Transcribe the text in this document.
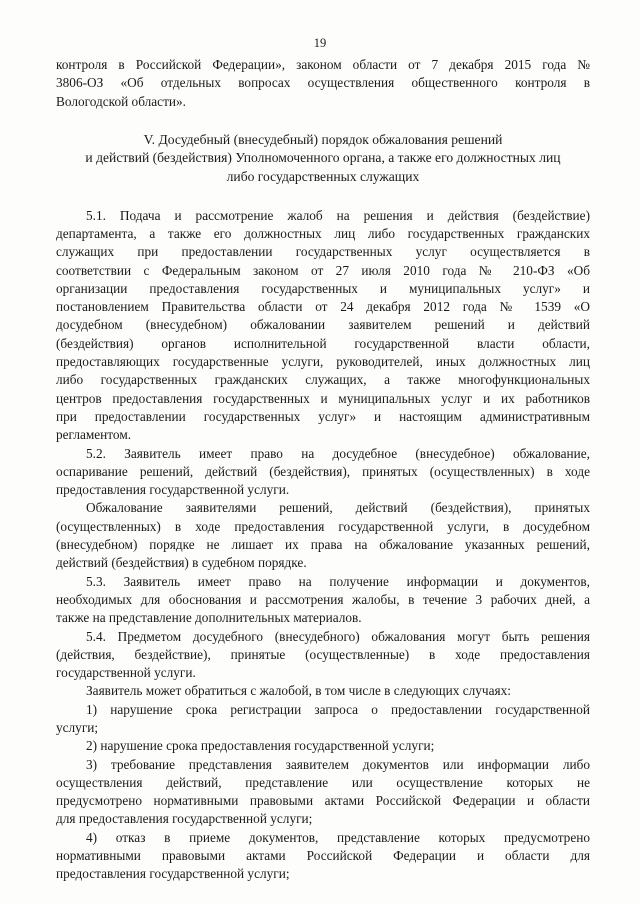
19
контроля в Российской Федерации», законом области от 7 декабря 2015 года №
3806-ОЗ «Об отдельных вопросах осуществления общественного контроля в
Вологодской области».
V. Досудебный (внесудебный) порядок обжалования решений
и действий (бездействия) Уполномоченного органа, а также его должностных лиц
либо государственных служащих
5.1. Подача и рассмотрение жалоб на решения и действия (бездействие)
департамента, а также его должностных лиц либо государственных гражданских
служащих при предоставлении государственных услуг осуществляется в
соответствии с Федеральным законом от 27 июля 2010 года № 210-ФЗ «Об
организации предоставления государственных и муниципальных услуг» и
постановлением Правительства области от 24 декабря 2012 года № 1539 «О
досудебном (внесудебном) обжаловании заявителем решений и действий
(бездействия) органов исполнительной государственной власти области,
предоставляющих государственные услуги, руководителей, иных должностных лиц
либо государственных гражданских служащих, а также многофункциональных
центров предоставления государственных и муниципальных услуг и их работников
при предоставлении государственных услуг» и настоящим административным
регламентом.
5.2. Заявитель имеет право на досудебное (внесудебное) обжалование,
оспаривание решений, действий (бездействия), принятых (осуществленных) в ходе
предоставления государственной услуги.
Обжалование заявителями решений, действий (бездействия), принятых
(осуществленных) в ходе предоставления государственной услуги, в досудебном
(внесудебном) порядке не лишает их права на обжалование указанных решений,
действий (бездействия) в судебном порядке.
5.3. Заявитель имеет право на получение информации и документов,
необходимых для обоснования и рассмотрения жалобы, в течение 3 рабочих дней, а
также на представление дополнительных материалов.
5.4. Предметом досудебного (внесудебного) обжалования могут быть решения
(действия, бездействие), принятые (осуществленные) в ходе предоставления
государственной услуги.
Заявитель может обратиться с жалобой, в том числе в следующих случаях:
1) нарушение срока регистрации запроса о предоставлении государственной
услуги;
2) нарушение срока предоставления государственной услуги;
3) требование представления заявителем документов или информации либо
осуществления действий, представление или осуществление которых не
предусмотрено нормативными правовыми актами Российской Федерации и области
для предоставления государственной услуги;
4) отказ в приеме документов, представление которых предусмотрено
нормативными правовыми актами Российской Федерации и области для
предоставления государственной услуги;
